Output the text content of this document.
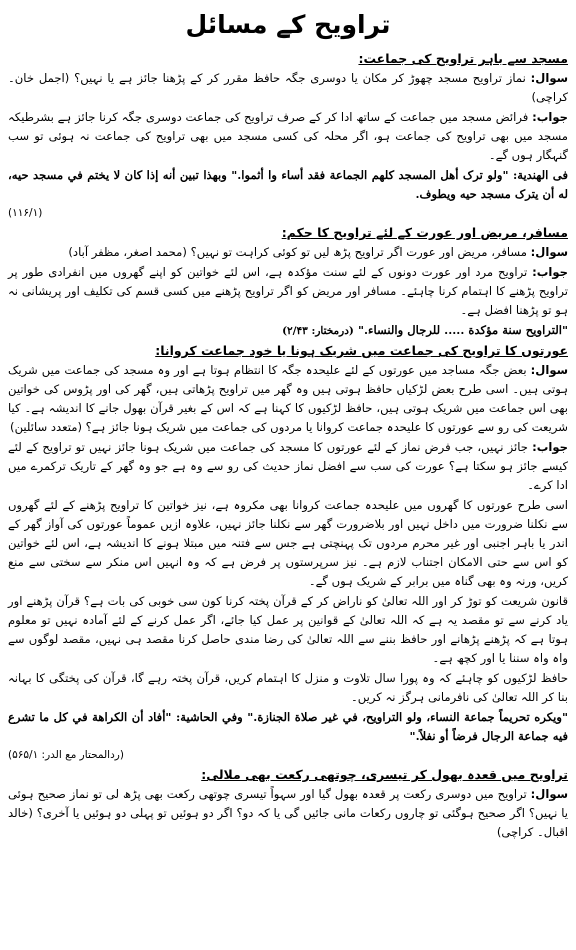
تراویح کے مسائل

مسجد سے باہر تراویح کی جماعت:

سوال: نماز تراویح مسجد چھوڑ کر مکان یا دوسری جگہ حافظ مقرر کر کے پڑھنا جائز ہے یا نہیں؟ (اجمل خان۔ کراچی)

جواب: فرائض مسجد میں جماعت کے ساتھ ادا کر کے صرف تراویح کی جماعت دوسری جگہ کرنا جائز ہے بشرطیکہ مسجد میں بھی تراویح کی جماعت ہو، اگر محلہ کی کسی مسجد میں بھی تراویح کی جماعت نہ ہوئی تو سب گنہگار ہوں گے۔

فی الهندية: "ولو ترک أهل المسجد کلهم الجماعة فقد أساء وا أثموا." وبهذا تبين أنه إذا کان لا يختم في مسجد حيه، له أن يترک مسجد حيه ويطوف.

(۱۱۶/۱)

مسافر، مریض اور عورت کے لئے تراویح کا حکم:

سوال: مسافر، مریض اور عورت اگر تراویح پڑھ لیں تو کوئی کراہت تو نہیں؟ (محمد اصغر، مظفر آباد)

جواب: تراویح مرد اور عورت دونوں کے لئے سنت مؤکدہ ہے، اس لئے خواتین کو اپنے گھروں میں انفرادی طور پر تراویح پڑھنے کا اہتمام کرنا چاہئے۔ مسافر اور مریض کو اگر تراویح پڑھنے میں کسی قسم کی تکلیف اور پریشانی نہ ہو تو پڑھنا افضل ہے۔

"التراويح سنة مؤکدة ..... للرجال والنساء." (درمختار: ۲/۴۳)

عورتوں کا تراویح کی جماعت میں شریک ہونا یا خود جماعت کروانا:

سوال: بعض جگہ مساجد میں عورتوں کے لئے علیحدہ جگہ کا انتظام ہوتا ہے اور وہ مسجد کی جماعت میں شریک ہوتی ہیں۔ اسی طرح بعض لڑکیاں حافظ ہوتی ہیں وہ گھر میں تراویح پڑھاتی ہیں، گھر کی اور پڑوس کی خواتین بھی اس جماعت میں شریک ہوتی ہیں، حافظ لڑکیوں کا کہنا ہے کہ اس کے بغیر قرآن بھول جانے کا اندیشہ ہے۔ کیا شریعت کی رو سے عورتوں کا علیحدہ جماعت کروانا یا مردوں کی جماعت میں شریک ہونا جائز ہے؟ (متعدد سائلین)

جواب: جائز نہیں، جب فرض نماز کے لئے عورتوں کا مسجد کی جماعت میں شریک ہونا جائز نہیں تو تراویح کے لئے کیسے جائز ہو سکتا ہے؟ عورت کی سب سے افضل نماز حدیث کی رو سے وہ ہے جو وہ گھر کے تاریک ترکمرے میں ادا کرے۔

اسی طرح عورتوں کا گھروں میں علیحدہ جماعت کروانا بھی مکروہ ہے، نیز خواتین کا تراویح پڑھنے کے لئے گھروں سے نکلنا ضرورت میں داخل نہیں اور بلاضرورت گھر سے نکلنا جائز نہیں، علاوہ ازیں عموماً عورتوں کی آواز گھر کے اندر یا باہر اجنبی اور غیر محرم مردوں تک پہنچتی ہے جس سے فتنہ میں مبتلا ہونے کا اندیشہ ہے، اس لئے خواتین کو اس سے حتی الامکان اجتناب لازم ہے۔ نیز سرپرستوں پر فرض ہے کہ وہ انہیں اس منکر سے سختی سے منع کریں، ورنہ وہ بھی گناہ میں برابر کے شریک ہوں گے۔

قانون شریعت کو توڑ کر اور اللہ تعالیٰ کو ناراض کر کے قرآن پختہ کرنا کون سی خوبی کی بات ہے؟ قرآن پڑھنے اور یاد کرنے سے تو مقصد یہ ہے کہ اللہ تعالیٰ کے قوانین پر عمل کیا جائے، اگر عمل کرنے کے لئے آمادہ نہیں تو معلوم ہوتا ہے کہ پڑھنے پڑھانے اور حافظ بننے سے اللہ تعالیٰ کی رضا مندی حاصل کرنا مقصد ہی نہیں، مقصد لوگوں سے واہ واہ سننا یا اور کچھ ہے۔

حافظ لڑکیوں کو چاہئے کہ وہ پورا سال تلاوت و منزل کا اہتمام کریں، قرآن پختہ رہے گا، قرآن کی پختگی کا بہانہ بنا کر اللہ تعالیٰ کی نافرمانی ہرگز نہ کریں۔

"ويکره تحريماً جماعة النساء، ولو التراويح، في غير صلاة الجنازة." وفي الحاشية: "أفاد أن الکراهة في کل ما تشرع فيه جماعة الرجال فرضاً أو نفلاً."

(ردالمحتار مع الدر: ۵۶۵/۱)

تراویح میں قعدہ بھول کر تیسری، چوتھی رکعت بھی ملالی:

سوال: تراویح میں دوسری رکعت پر قعدہ بھول گیا اور سہواً تیسری چوتھی رکعت بھی پڑھ لی تو نماز صحیح ہوئی یا نہیں؟ اگر صحیح ہوگئی تو چاروں رکعات مانی جائیں گی یا کہ دو؟ اگر دو ہوئیں تو پہلی دو ہوئیں یا آخری؟ (خالد اقبال۔ کراچی)
